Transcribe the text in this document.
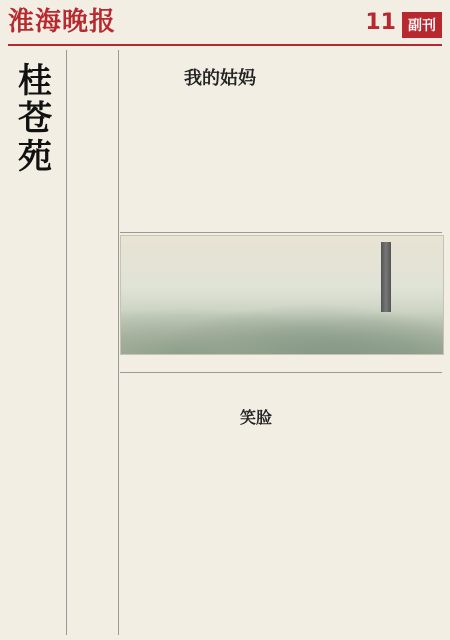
淮海晚报	11 副刊
桂苍苑
我的姑妈
笑脸
